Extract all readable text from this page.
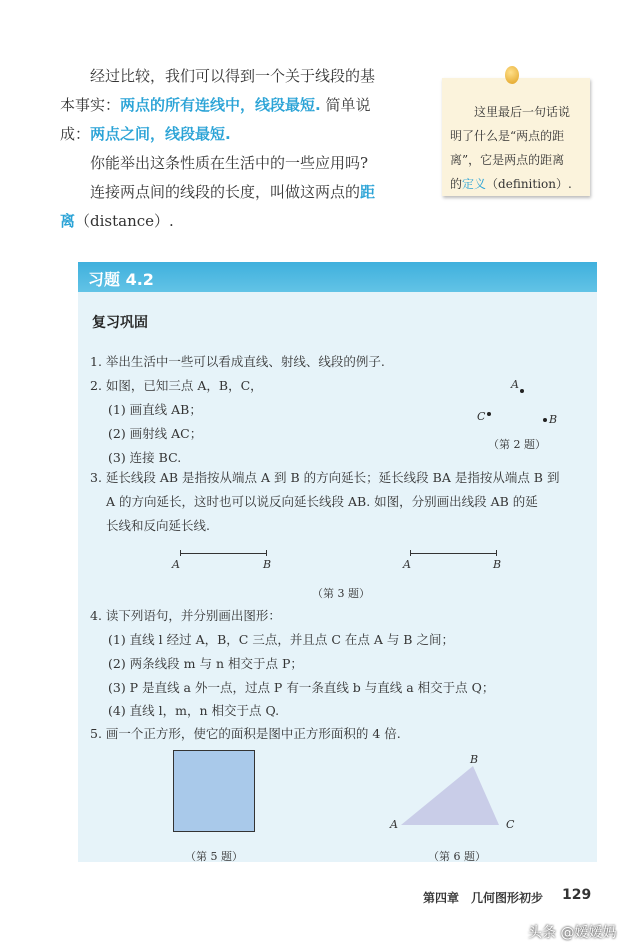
经过比较，我们可以得到一个关于线段的基
本事实：两点的所有连线中，线段最短. 简单说
成：两点之间，线段最短.
你能举出这条性质在生活中的一些应用吗?
连接两点间的线段的长度，叫做这两点的距
离（distance）.
这里最后一句话说
明了什么是“两点的距
离”，它是两点的距离
的定义（definition）.
习题 4.2
复习巩固
1. 举出生活中一些可以看成直线、射线、线段的例子.
2. 如图，已知三点 A，B，C，
(1) 画直线 AB；
(2) 画射线 AC；
(3) 连接 BC.
A
C	B
（第 2 题）
3. 延长线段 AB 是指按从端点 A 到 B 的方向延长；延长线段 BA 是指按从端点 B 到
A 的方向延长，这时也可以说反向延长线段 AB. 如图，分别画出线段 AB 的延
长线和反向延长线.
A	B	A	B
（第 3 题）
4. 读下列语句，并分别画出图形：
(1) 直线 l 经过 A，B，C 三点，并且点 C 在点 A 与 B 之间；
(2) 两条线段 m 与 n 相交于点 P；
(3) P 是直线 a 外一点，过点 P 有一条直线 b 与直线 a 相交于点 Q；
(4) 直线 l，m，n 相交于点 Q.
5. 画一个正方形，使它的面积是图中正方形面积的 4 倍.
（第 5 题）
A
B
C
（第 6 题）
第四章　几何图形初步 129
头条 @嫒嫒妈
